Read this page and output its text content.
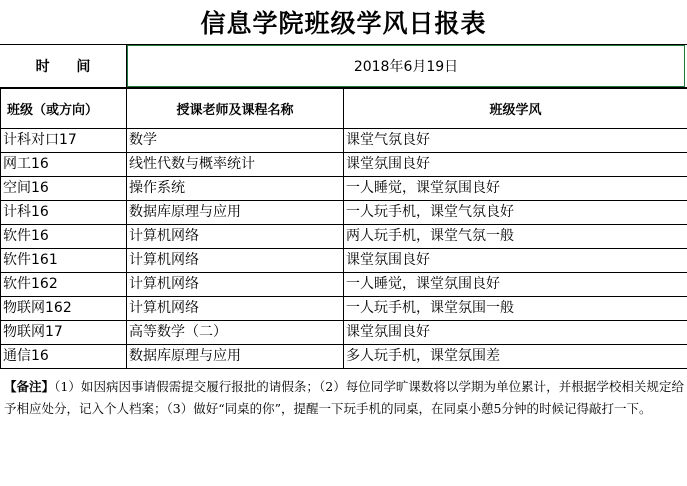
信息学院班级学风日报表
时 间	2018年6月19日
班级（或方向）	授课老师及课程名称	班级学风
计科对口17	数学	课堂气氛良好
网工16	线性代数与概率统计	课堂氛围良好
空间16	操作系统	一人睡觉，课堂氛围良好
计科16	数据库原理与应用	一人玩手机，课堂气氛良好
软件16	计算机网络	两人玩手机，课堂气氛一般
软件161	计算机网络	课堂氛围良好
软件162	计算机网络	一人睡觉，课堂氛围良好
物联网162	计算机网络	一人玩手机，课堂氛围一般
物联网17	高等数学（二）	课堂氛围良好
通信16	数据库原理与应用	多人玩手机，课堂氛围差
【备注】（1）如因病因事请假需提交履行报批的请假条；（2）每位同学旷课数将以学期为单位累计，并根据学校相关规定给予相应处分，记入个人档案；（3）做好“同桌的你”，提醒一下玩手机的同桌，在同桌小憩5分钟的时候记得敲打一下。
